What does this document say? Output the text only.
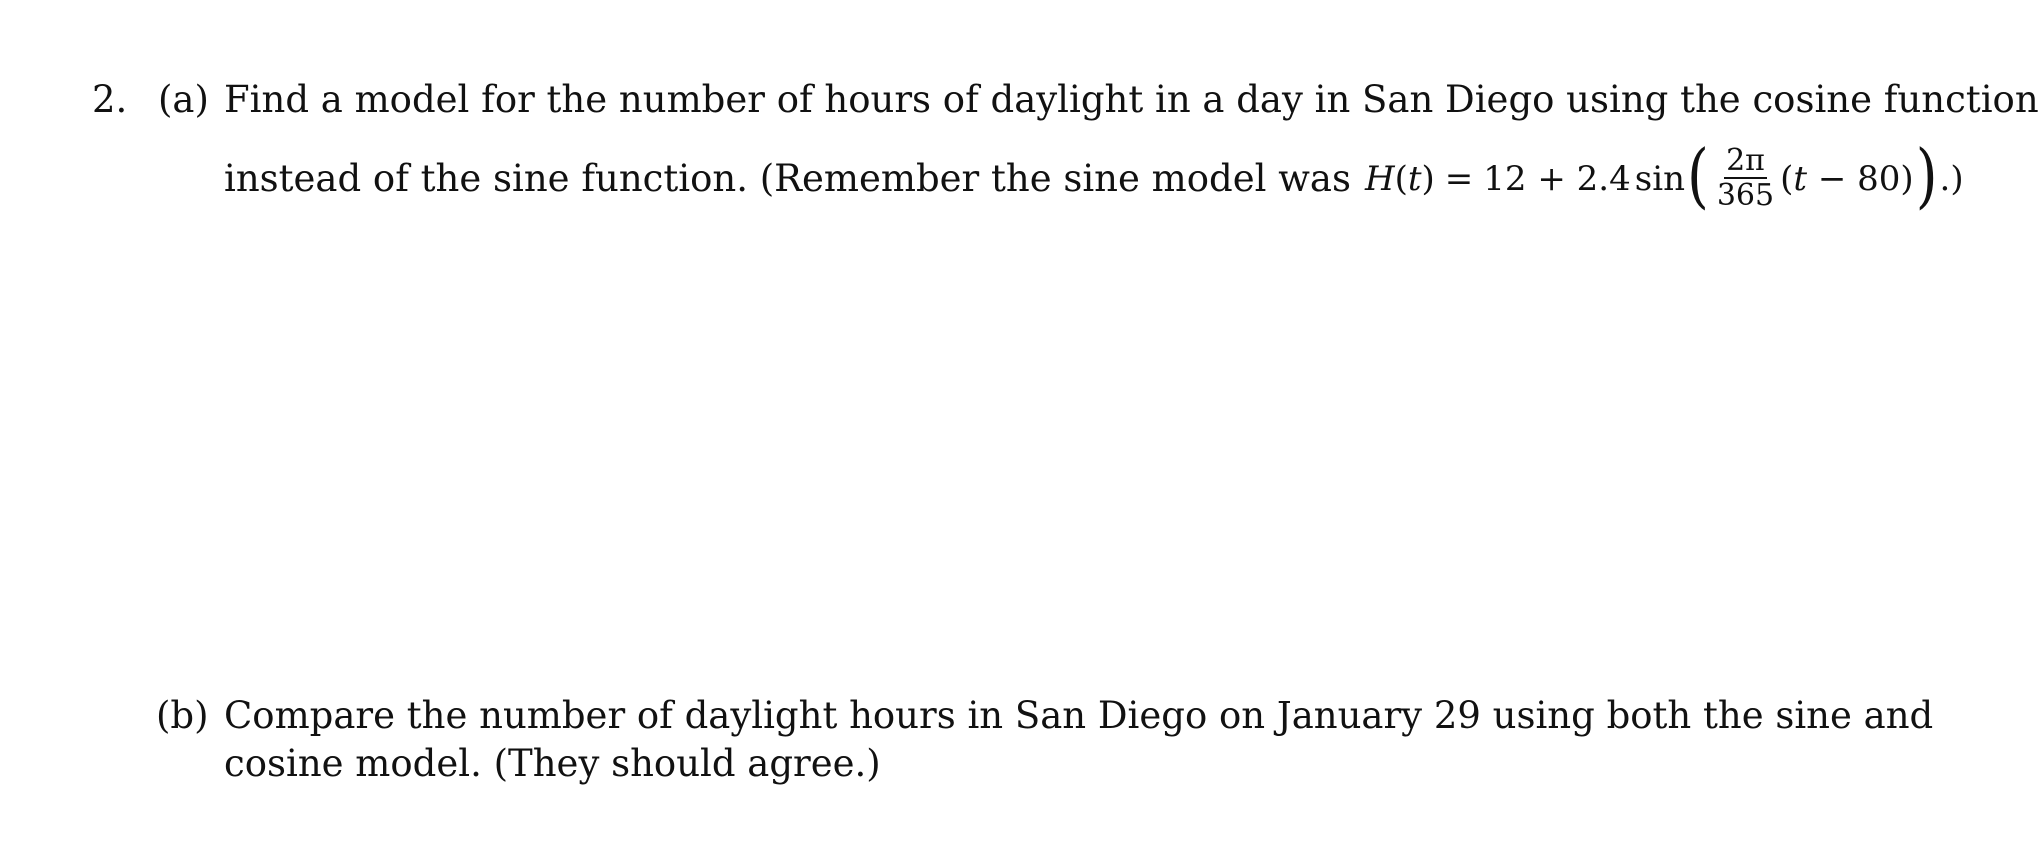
2. (a) Find a model for the number of hours of daylight in a day in San Diego using the cosine function
instead of the sine function. (Remember the sine model was H ( t ) = 12 + 2.4 sin ( $\frac{2\pi}{365}$ ( t − 80) ) .)
(b) Compare the number of daylight hours in San Diego on January 29 using both the sine and
cosine model. (They should agree.)
